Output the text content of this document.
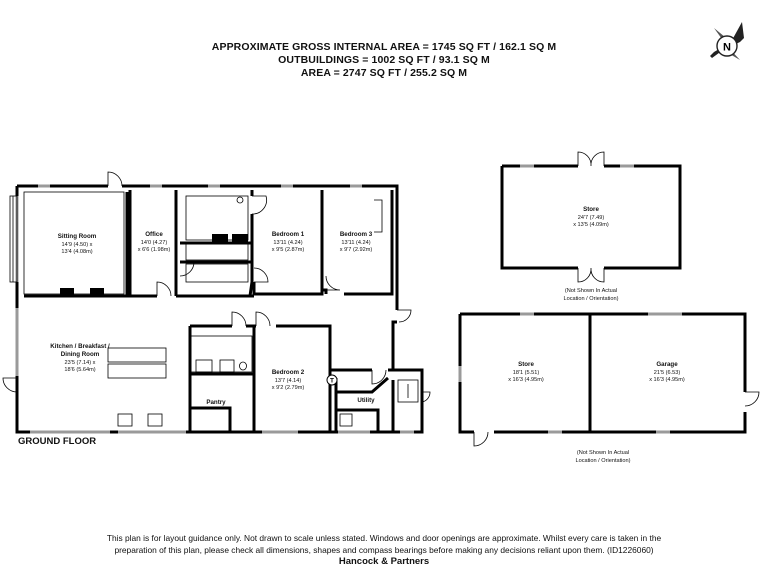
APPROXIMATE GROSS INTERNAL AREA = 1745 SQ FT / 162.1 SQ M
OUTBUILDINGS = 1002 SQ FT / 93.1 SQ M
AREA = 2747 SQ FT / 255.2 SQ M
N
T
Sitting Room
14'9 (4.50) x
13'4 (4.08m)
Office
14'0 (4.27)
x 6'6 (1.98m)
Bedroom 1
13'11 (4.24)
x 9'5 (2.87m)
Bedroom 3
13'11 (4.24)
x 9'7 (2.92m)
Kitchen / Breakfast /
Dining Room
23'5 (7.14) x
18'6 (5.64m)	Bedroom 2
13'7 (4.14)
x 9'2 (2.79m)
Pantry	Utility
Store
24'7 (7.49)
x 13'5 (4.09m)
(Not Shown In Actual
Location / Orientation)
Store
18'1 (5.51)
x 16'3 (4.95m)
Garage
21'5 (6.53)
x 16'3 (4.95m)
(Not Shown In Actual
Location / Orientation)
GROUND FLOOR
This plan is for layout guidance only. Not drawn to scale unless stated. Windows and door openings are approximate. Whilst every care is taken in the
preparation of this plan, please check all dimensions, shapes and compass bearings before making any decisions reliant upon them. (ID1226060)
Hancock & Partners
